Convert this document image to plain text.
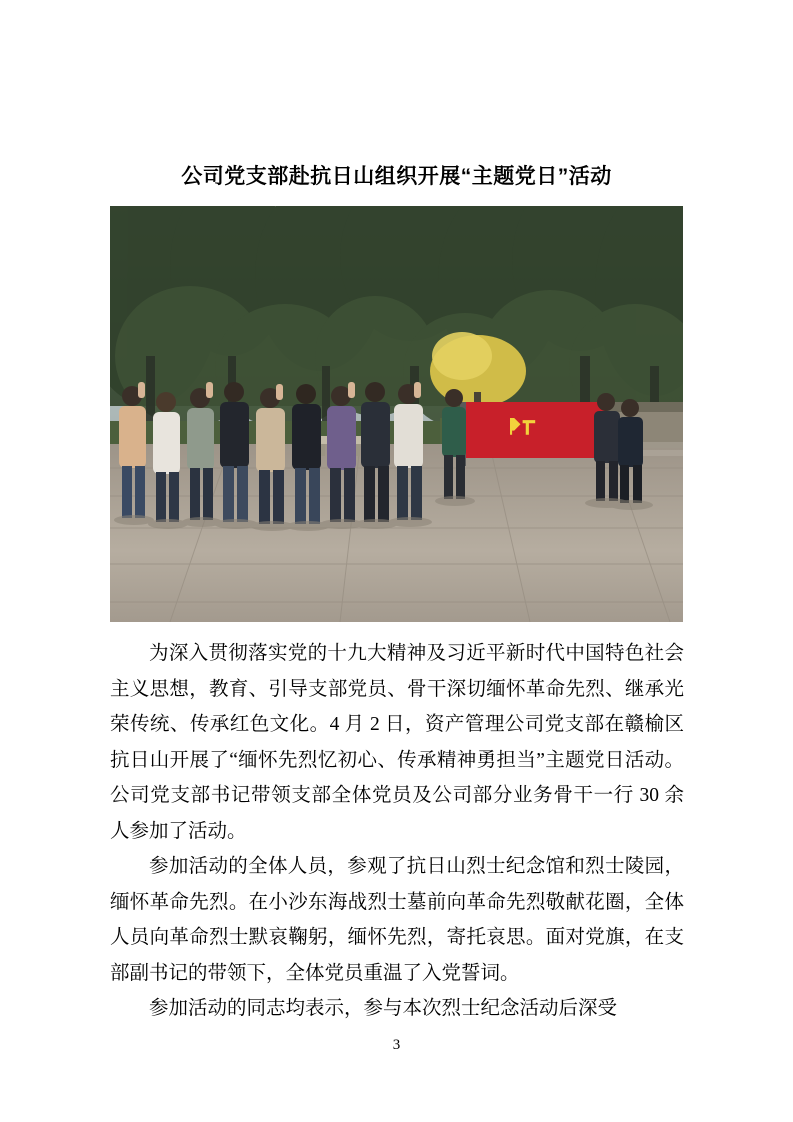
公司党支部赴抗日山组织开展“主题党日”活动

为深入贯彻落实党的十九大精神及习近平新时代中国特色社会主义思想，教育、引导支部党员、骨干深切缅怀革命先烈、继承光荣传统、传承红色文化。4 月 2 日，资产管理公司党支部在赣榆区抗日山开展了“缅怀先烈忆初心、传承精神勇担当”主题党日活动。公司党支部书记带领支部全体党员及公司部分业务骨干一行 30 余人参加了活动。

参加活动的全体人员，参观了抗日山烈士纪念馆和烈士陵园，缅怀革命先烈。在小沙东海战烈士墓前向革命先烈敬献花圈，全体人员向革命烈士默哀鞠躬，缅怀先烈，寄托哀思。面对党旗，在支部副书记的带领下，全体党员重温了入党誓词。

参加活动的同志均表示，参与本次烈士纪念活动后深受

3
